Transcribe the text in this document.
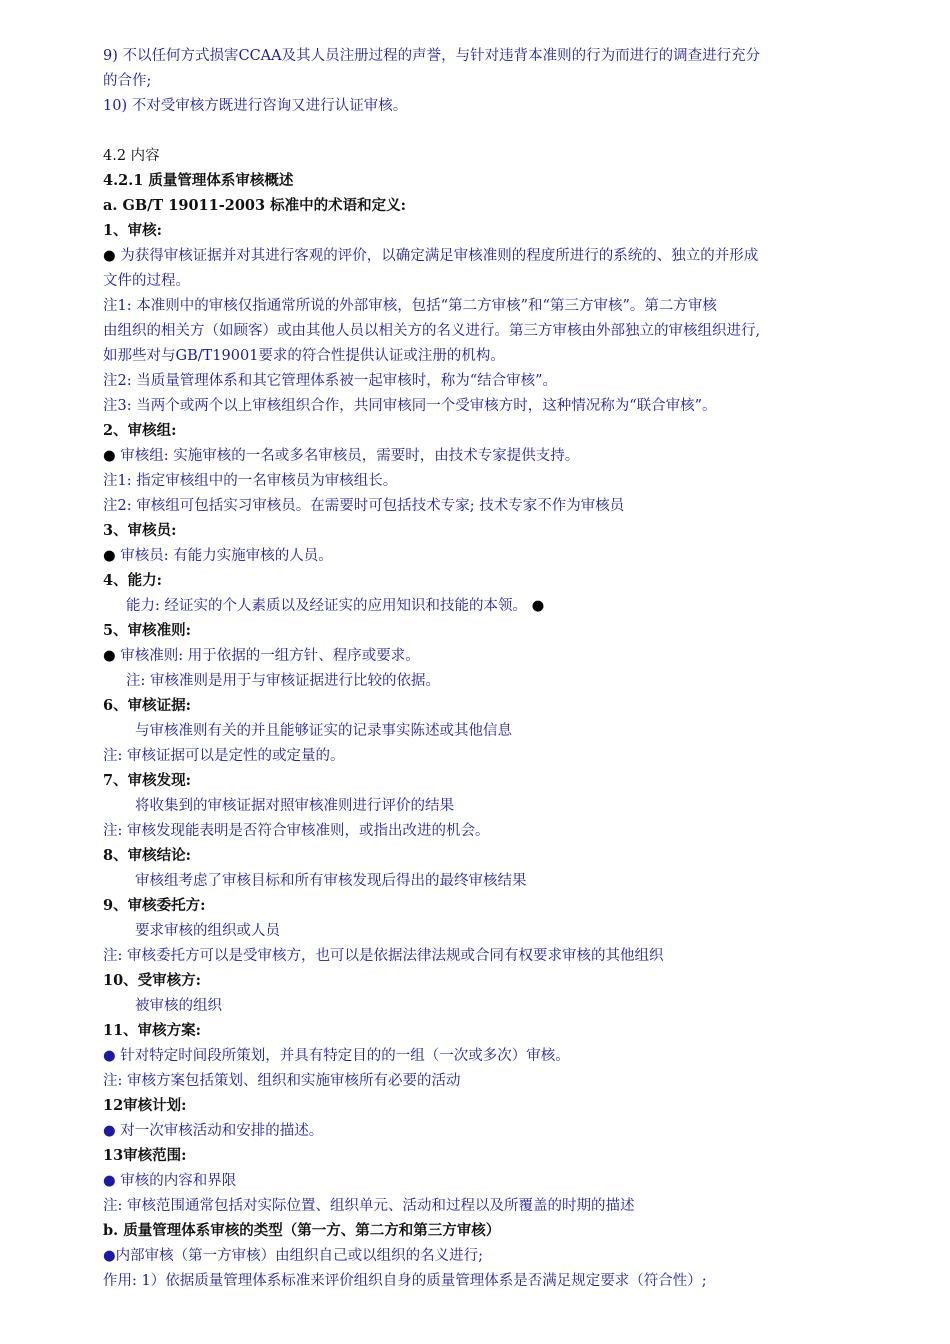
9) 不以任何方式损害CCAA及其人员注册过程的声誉，与针对违背本准则的行为而进行的调查进行充分
的合作;
10) 不对受审核方既进行咨询又进行认证审核。
4.2 内容
4.2.1 质量管理体系审核概述
a. GB/T 19011-2003 标准中的术语和定义:
1、审核:
● 为获得审核证据并对其进行客观的评价，以确定满足审核准则的程度所进行的系统的、独立的并形成
文件的过程。
注1: 本准则中的审核仅指通常所说的外部审核，包括“第二方审核”和“第三方审核”。第二方审核
由组织的相关方（如顾客）或由其他人员以相关方的名义进行。第三方审核由外部独立的审核组织进行,
如那些对与GB/T19001要求的符合性提供认证或注册的机构。
注2: 当质量管理体系和其它管理体系被一起审核时，称为“结合审核”。
注3: 当两个或两个以上审核组织合作，共同审核同一个受审核方时，这种情况称为“联合审核”。
2、审核组:
● 审核组: 实施审核的一名或多名审核员，需要时，由技术专家提供支持。
注1: 指定审核组中的一名审核员为审核组长。
注2: 审核组可包括实习审核员。在需要时可包括技术专家; 技术专家不作为审核员
3、审核员:
● 审核员: 有能力实施审核的人员。
4、能力:
能力: 经证实的个人素质以及经证实的应用知识和技能的本领。 ●
5、审核准则:
● 审核准则: 用于依据的一组方针、程序或要求。
注: 审核准则是用于与审核证据进行比较的依据。
6、审核证据:
与审核准则有关的并且能够证实的记录事实陈述或其他信息
注: 审核证据可以是定性的或定量的。
7、审核发现:
将收集到的审核证据对照审核准则进行评价的结果
注: 审核发现能表明是否符合审核准则，或指出改进的机会。
8、审核结论:
审核组考虑了审核目标和所有审核发现后得出的最终审核结果
9、审核委托方:
要求审核的组织或人员
注: 审核委托方可以是受审核方，也可以是依据法律法规或合同有权要求审核的其他组织
10、受审核方:
被审核的组织
11、审核方案:
● 针对特定时间段所策划，并具有特定目的的一组（一次或多次）审核。
注: 审核方案包括策划、组织和实施审核所有必要的活动
12审核计划:
● 对一次审核活动和安排的描述。
13审核范围:
● 审核的内容和界限
注: 审核范围通常包括对实际位置、组织单元、活动和过程以及所覆盖的时期的描述
b. 质量管理体系审核的类型（第一方、第二方和第三方审核）
●内部审核（第一方审核）由组织自己或以组织的名义进行;
作用: 1）依据质量管理体系标准来评价组织自身的质量管理体系是否满足规定要求（符合性）;
